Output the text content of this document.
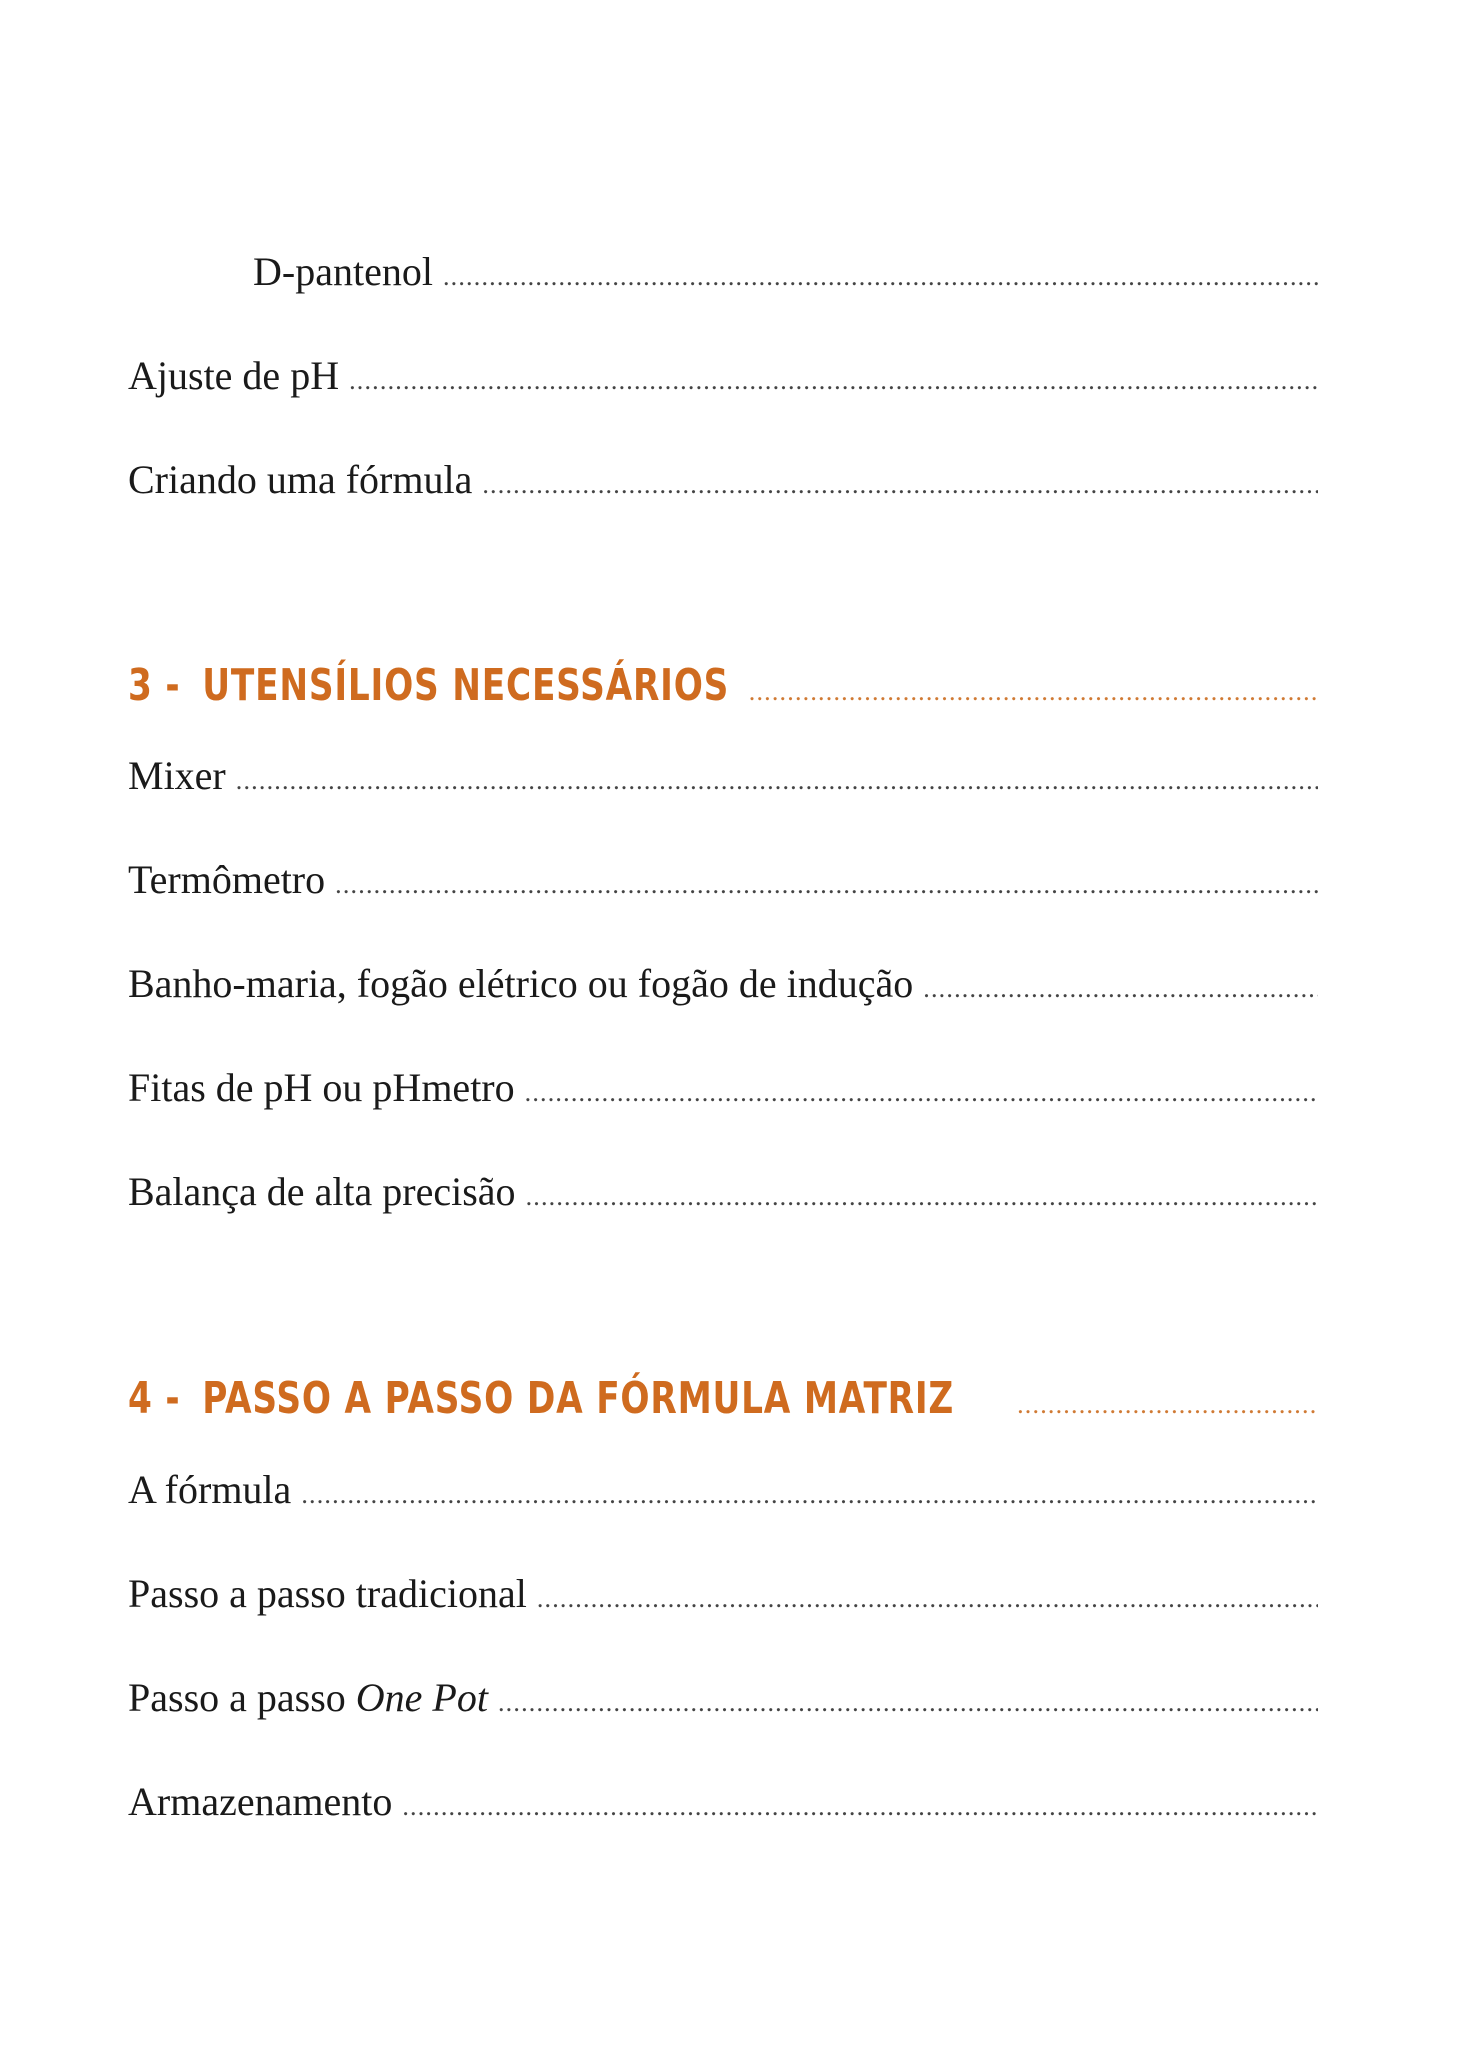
D-pantenol
.....
Ajuste de pH
.....
Criando uma fórmula
.....
3 - UTENSÍLIOS NECESSÁRIOS
.....
Mixer
.....
Termômetro
.....
Banho-maria, fogão elétrico ou fogão de indução
.....
Fitas de pH ou pHmetro
.....
Balança de alta precisão
.....
4 - PASSO A PASSO DA FÓRMULA MATRIZ
.....
A fórmula
.....
Passo a passo tradicional
.....
Passo a passo One Pot
.....
Armazenamento
.....
